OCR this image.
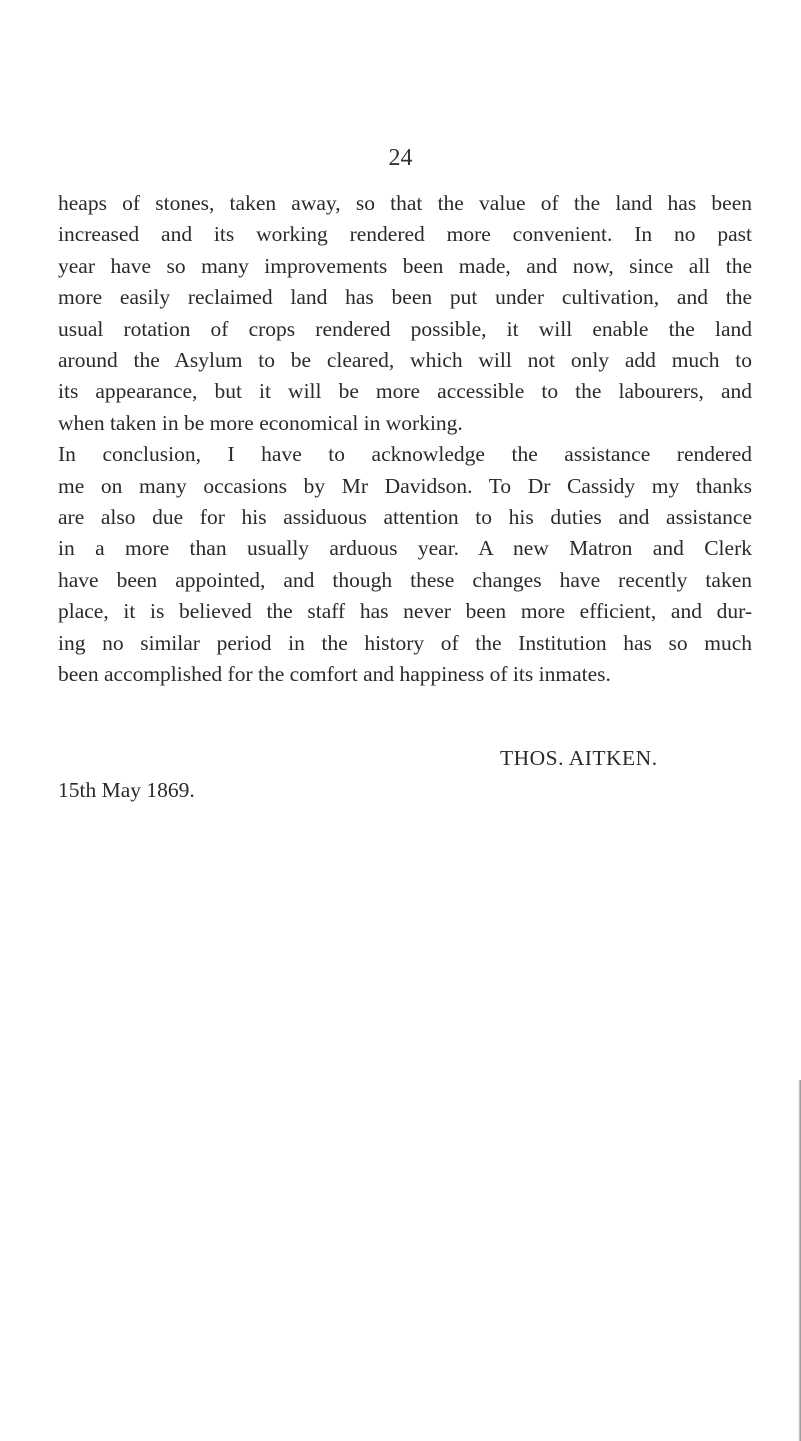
24
heaps of stones, taken away, so that the value of the land has been
increased and its working rendered more convenient. In no past
year have so many improvements been made, and now, since all the
more easily reclaimed land has been put under cultivation, and the
usual rotation of crops rendered possible, it will enable the land
around the Asylum to be cleared, which will not only add much to
its appearance, but it will be more accessible to the labourers, and
when taken in be more economical in working.
In conclusion, I have to acknowledge the assistance rendered
me on many occasions by Mr Davidson. To Dr Cassidy my thanks
are also due for his assiduous attention to his duties and assistance
in a more than usually arduous year. A new Matron and Clerk
have been appointed, and though these changes have recently taken
place, it is believed the staff has never been more efficient, and dur-
ing no similar period in the history of the Institution has so much
been accomplished for the comfort and happiness of its inmates.
THOS. AITKEN.
15th May 1869.
